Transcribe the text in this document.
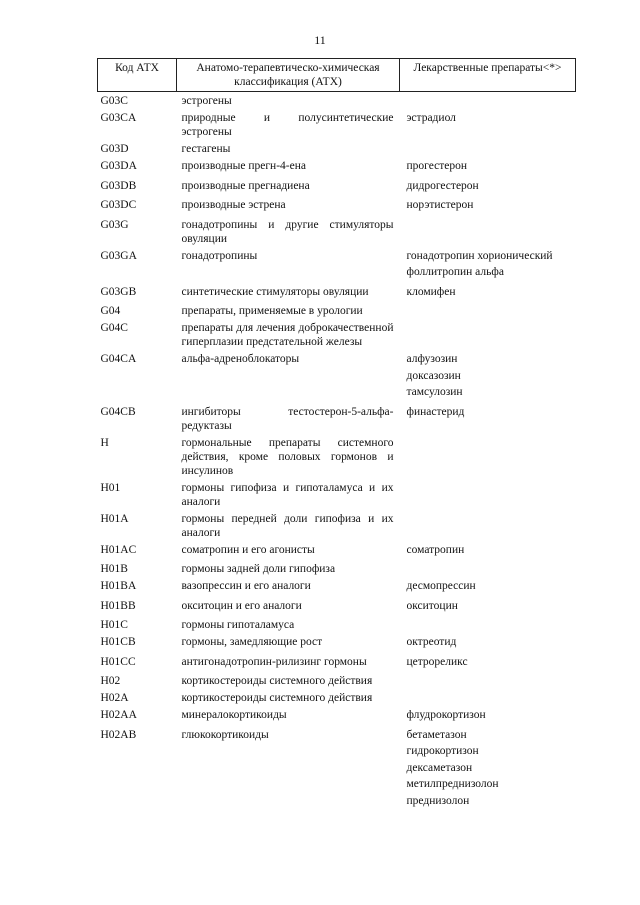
11
Код АТХ	Анатомо-терапевтическо-химическая классификация (АТХ)	Лекарственные препараты<*>
G03C	эстрогены	
G03CA	природные и полусинтетические эстрогены	эстрадиол

G03D	гестагены	
G03DA	производные прегн-4-ена	прогестерон

G03DB	производные прегнадиена	дидрогестерон

G03DC	производные эстрена	норэтистерон

G03G	гонадотропины и другие стимуляторы овуляции	
G03GA	гонадотропины	гонадотропин хорионический
фоллитропин альфа

G03GB	синтетические стимуляторы овуляции	кломифен

G04	препараты, применяемые в урологии	
G04C	препараты для лечения доброкачественной гиперплазии предстательной железы	
G04CA	альфа-адреноблокаторы	алфузозин
доксазозин
тамсулозин

G04CB	ингибиторы тестостерон-5-альфа-редуктазы	финастерид

H	гормональные препараты системного действия, кроме половых гормонов и инсулинов	
H01	гормоны гипофиза и гипоталамуса и их аналоги	
H01A	гормоны передней доли гипофиза и их аналоги	
H01AC	соматропин и его агонисты	соматропин

H01B	гормоны задней доли гипофиза	
H01BA	вазопрессин и его аналоги	десмопрессин

H01BB	окситоцин и его аналоги	окситоцин

H01C	гормоны гипоталамуса	
H01CB	гормоны, замедляющие рост	октреотид

H01CC	антигонадотропин-рилизинг гормоны	цетрореликс

H02	кортикостероиды системного действия	
H02A	кортикостероиды системного действия	
H02AA	минералокортикоиды	флудрокортизон

H02AB	глюкокортикоиды	бетаметазон
гидрокортизон
дексаметазон
метилпреднизолон
преднизолон
